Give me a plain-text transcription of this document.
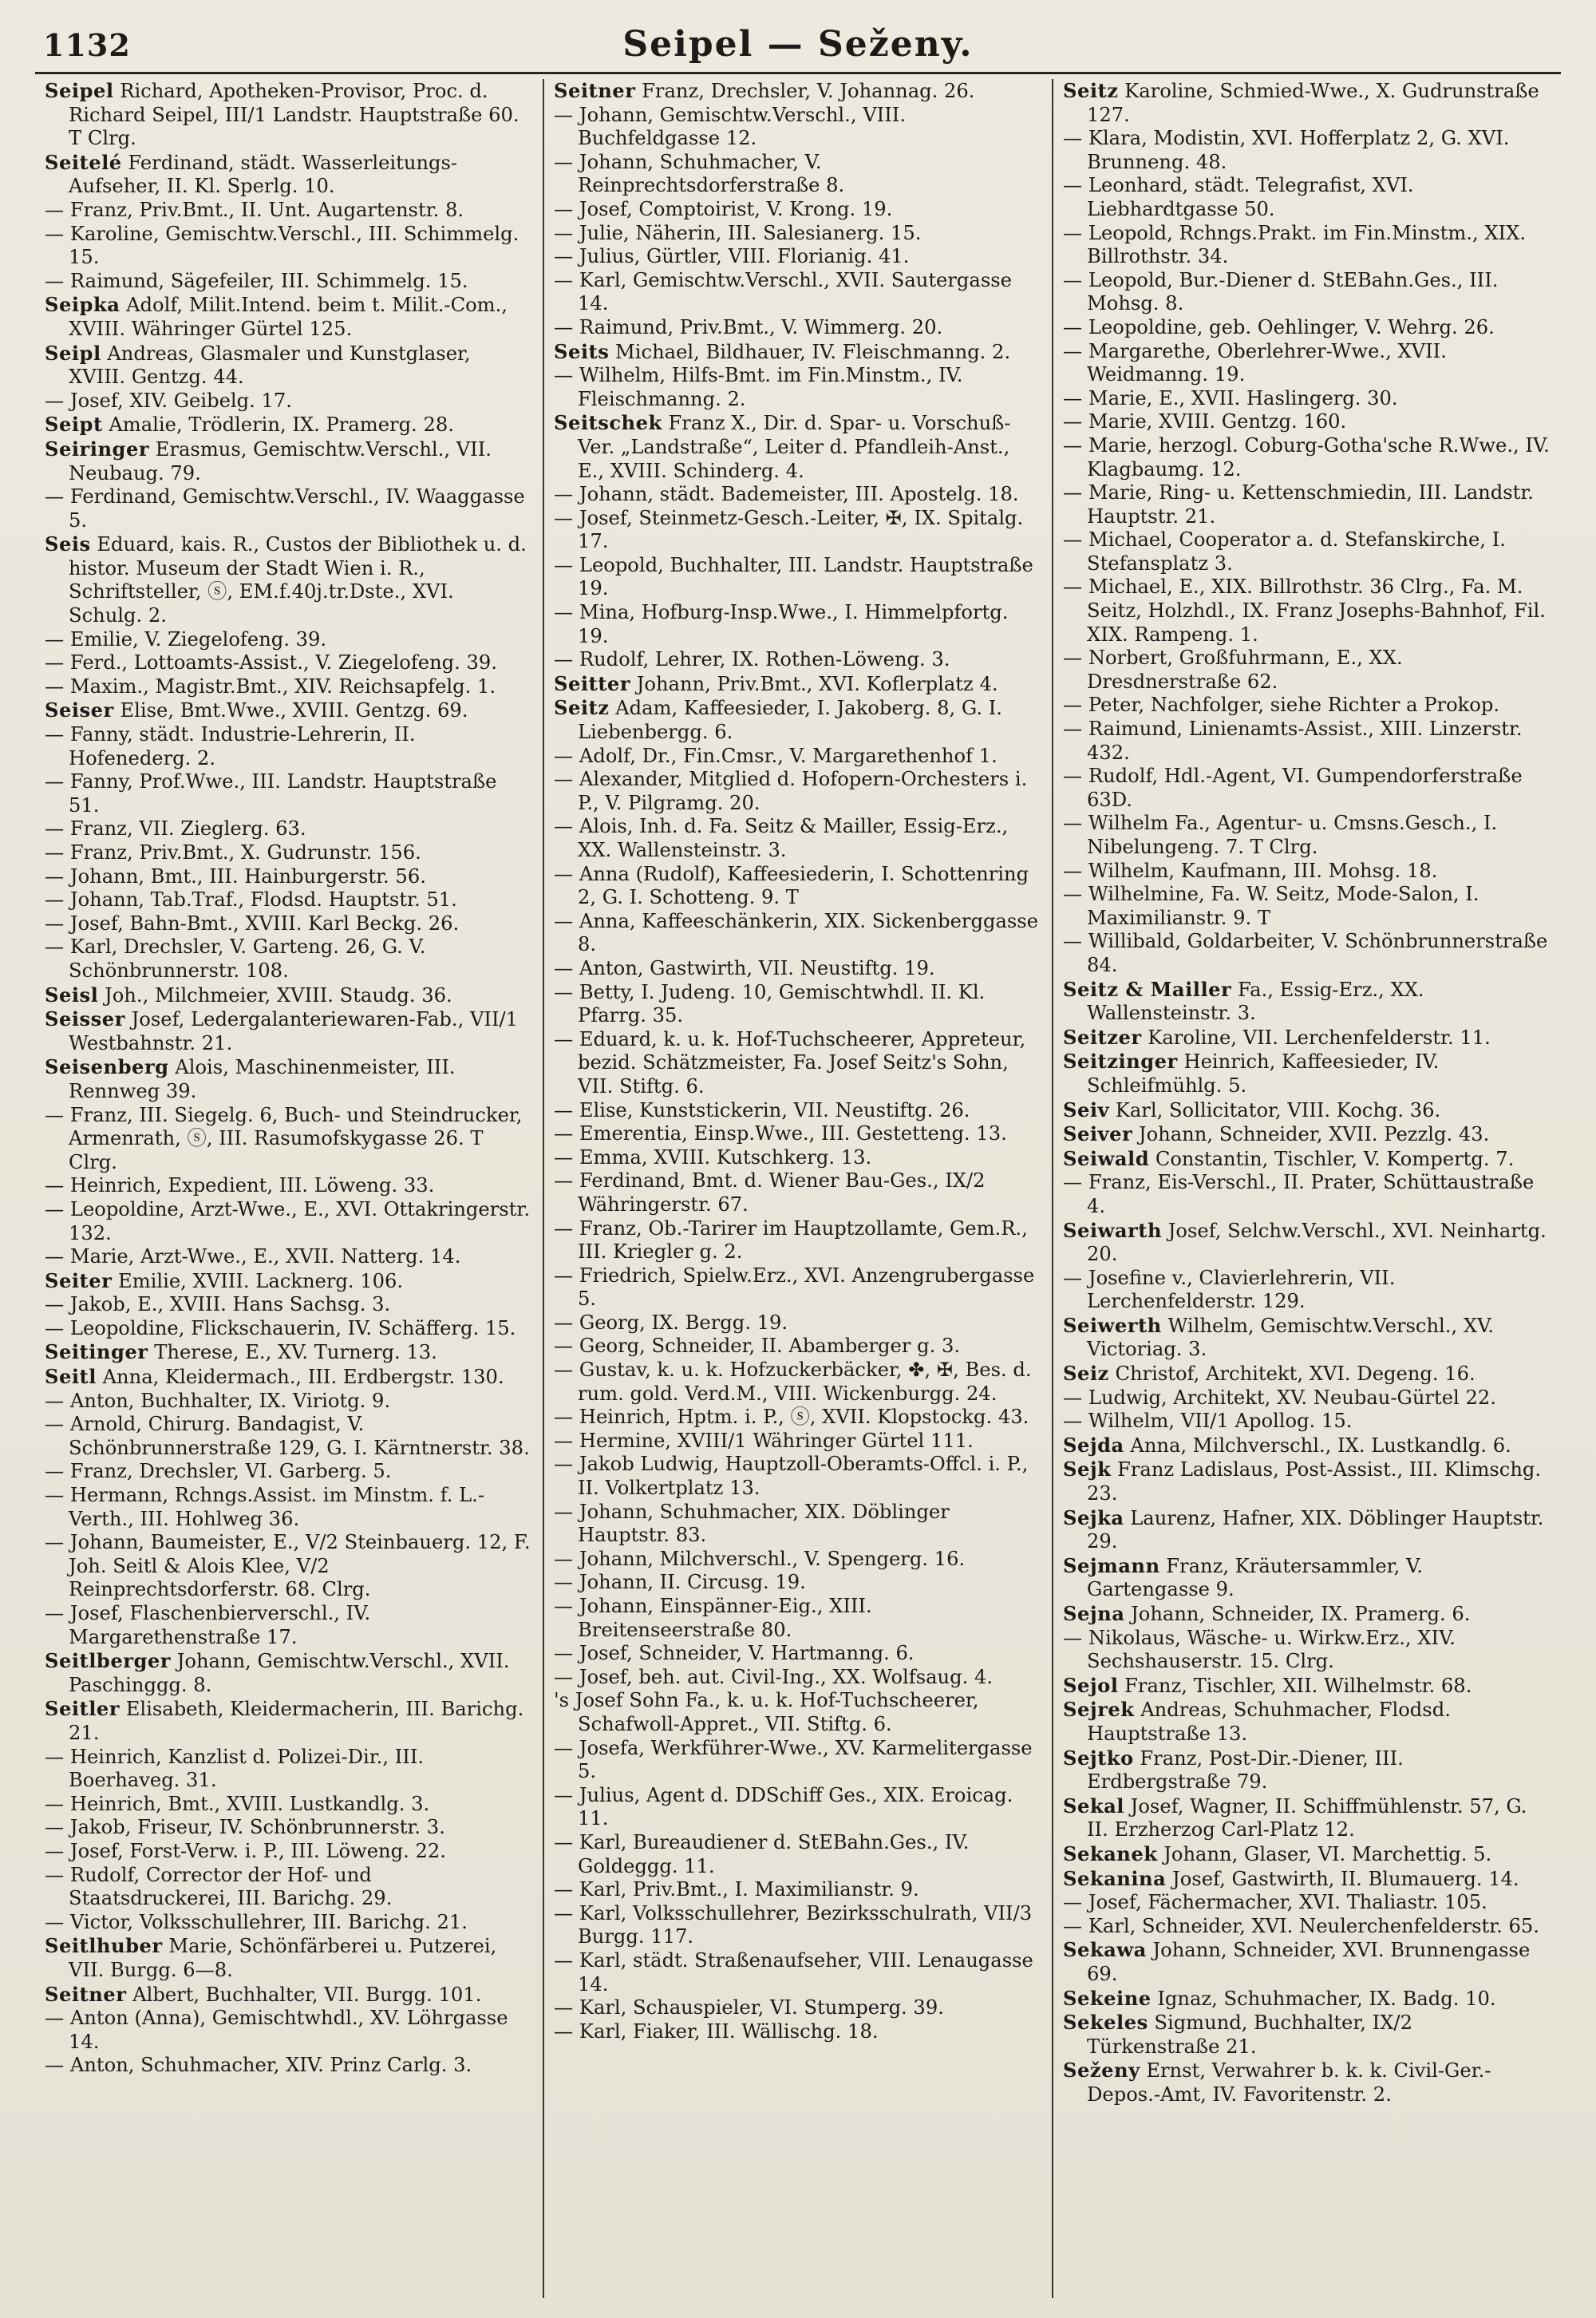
1132	Seipel — Seženy.
Seipel Richard, Apotheken-Provisor, Proc. d. Richard Seipel, III/1 Landstr. Hauptstraße 60. T Clrg.
Seitelé Ferdinand, städt. Wasserleitungs-Aufseher, II. Kl. Sperlg. 10.
— Franz, Priv.Bmt., II. Unt. Augartenstr. 8.
— Karoline, Gemischtw.Verschl., III. Schimmelg. 15.
— Raimund, Sägefeiler, III. Schimmelg. 15.
Seipka Adolf, Milit.Intend. beim t. Milit.-Com., XVIII. Währinger Gürtel 125.
Seipl Andreas, Glasmaler und Kunstglaser, XVIII. Gentzg. 44.
— Josef, XIV. Geibelg. 17.
Seipt Amalie, Trödlerin, IX. Pramerg. 28.
Seiringer Erasmus, Gemischtw.Verschl., VII. Neubaug. 79.
— Ferdinand, Gemischtw.Verschl., IV. Waaggasse 5.
Seis Eduard, kais. R., Custos der Bibliothek u. d. histor. Museum der Stadt Wien i. R., Schriftsteller, ⓢ, EM.f.40j.tr.Dste., XVI. Schulg. 2.
— Emilie, V. Ziegelofeng. 39.
— Ferd., Lottoamts-Assist., V. Ziegelofeng. 39.
— Maxim., Magistr.Bmt., XIV. Reichsapfelg. 1.
Seiser Elise, Bmt.Wwe., XVIII. Gentzg. 69.
— Fanny, städt. Industrie-Lehrerin, II. Hofenederg. 2.
— Fanny, Prof.Wwe., III. Landstr. Hauptstraße 51.
— Franz, VII. Zieglerg. 63.
— Franz, Priv.Bmt., X. Gudrunstr. 156.
— Johann, Bmt., III. Hainburgerstr. 56.
— Johann, Tab.Traf., Flodsd. Hauptstr. 51.
— Josef, Bahn-Bmt., XVIII. Karl Beckg. 26.
— Karl, Drechsler, V. Garteng. 26, G. V. Schönbrunnerstr. 108.
Seisl Joh., Milchmeier, XVIII. Staudg. 36.
Seisser Josef, Ledergalanteriewaren-Fab., VII/1 Westbahnstr. 21.
Seisenberg Alois, Maschinenmeister, III. Rennweg 39.
— Franz, III. Siegelg. 6, Buch- und Steindrucker, Armenrath, ⓢ, III. Rasumofskygasse 26. T Clrg.
— Heinrich, Expedient, III. Löweng. 33.
— Leopoldine, Arzt-Wwe., E., XVI. Ottakringerstr. 132.
— Marie, Arzt-Wwe., E., XVII. Natterg. 14.
Seiter Emilie, XVIII. Lacknerg. 106.
— Jakob, E., XVIII. Hans Sachsg. 3.
— Leopoldine, Flickschauerin, IV. Schäfferg. 15.
Seitinger Therese, E., XV. Turnerg. 13.
Seitl Anna, Kleidermach., III. Erdbergstr. 130.
— Anton, Buchhalter, IX. Viriotg. 9.
— Arnold, Chirurg. Bandagist, V. Schönbrunnerstraße 129, G. I. Kärntnerstr. 38.
— Franz, Drechsler, VI. Garberg. 5.
— Hermann, Rchngs.Assist. im Minstm. f. L.-Verth., III. Hohlweg 36.
— Johann, Baumeister, E., V/2 Steinbauerg. 12, F. Joh. Seitl & Alois Klee, V/2 Reinprechtsdorferstr. 68. Clrg.
— Josef, Flaschenbierverschl., IV. Margarethenstraße 17.
Seitlberger Johann, Gemischtw.Verschl., XVII. Paschinggg. 8.
Seitler Elisabeth, Kleidermacherin, III. Barichg. 21.
— Heinrich, Kanzlist d. Polizei-Dir., III. Boerhaveg. 31.
— Heinrich, Bmt., XVIII. Lustkandlg. 3.
— Jakob, Friseur, IV. Schönbrunnerstr. 3.
— Josef, Forst-Verw. i. P., III. Löweng. 22.
— Rudolf, Corrector der Hof- und Staatsdruckerei, III. Barichg. 29.
— Victor, Volksschullehrer, III. Barichg. 21.
Seitlhuber Marie, Schönfärberei u. Putzerei, VII. Burgg. 6—8.
Seitner Albert, Buchhalter, VII. Burgg. 101.
— Anton (Anna), Gemischtwhdl., XV. Löhrgasse 14.
— Anton, Schuhmacher, XIV. Prinz Carlg. 3.
Seitner Franz, Drechsler, V. Johannag. 26.
— Johann, Gemischtw.Verschl., VIII. Buchfeldgasse 12.
— Johann, Schuhmacher, V. Reinprechtsdorferstraße 8.
— Josef, Comptoirist, V. Krong. 19.
— Julie, Näherin, III. Salesianerg. 15.
— Julius, Gürtler, VIII. Florianig. 41.
— Karl, Gemischtw.Verschl., XVII. Sautergasse 14.
— Raimund, Priv.Bmt., V. Wimmerg. 20.
Seits Michael, Bildhauer, IV. Fleischmanng. 2.
— Wilhelm, Hilfs-Bmt. im Fin.Minstm., IV. Fleischmanng. 2.
Seitschek Franz X., Dir. d. Spar- u. Vorschuß-Ver. „Landstraße“, Leiter d. Pfandleih-Anst., E., XVIII. Schinderg. 4.
— Johann, städt. Bademeister, III. Apostelg. 18.
— Josef, Steinmetz-Gesch.-Leiter, ✠, IX. Spitalg. 17.
— Leopold, Buchhalter, III. Landstr. Hauptstraße 19.
— Mina, Hofburg-Insp.Wwe., I. Himmelpfortg. 19.
— Rudolf, Lehrer, IX. Rothen-Löweng. 3.
Seitter Johann, Priv.Bmt., XVI. Koflerplatz 4.
Seitz Adam, Kaffeesieder, I. Jakoberg. 8, G. I. Liebenbergg. 6.
— Adolf, Dr., Fin.Cmsr., V. Margarethenhof 1.
— Alexander, Mitglied d. Hofopern-Orchesters i. P., V. Pilgramg. 20.
— Alois, Inh. d. Fa. Seitz & Mailler, Essig-Erz., XX. Wallensteinstr. 3.
— Anna (Rudolf), Kaffeesiederin, I. Schottenring 2, G. I. Schotteng. 9. T
— Anna, Kaffeeschänkerin, XIX. Sickenberggasse 8.
— Anton, Gastwirth, VII. Neustiftg. 19.
— Betty, I. Judeng. 10, Gemischtwhdl. II. Kl. Pfarrg. 35.
— Eduard, k. u. k. Hof-Tuchscheerer, Appreteur, bezid. Schätzmeister, Fa. Josef Seitz's Sohn, VII. Stiftg. 6.
— Elise, Kunststickerin, VII. Neustiftg. 26.
— Emerentia, Einsp.Wwe., III. Gestetteng. 13.
— Emma, XVIII. Kutschkerg. 13.
— Ferdinand, Bmt. d. Wiener Bau-Ges., IX/2 Währingerstr. 67.
— Franz, Ob.-Tarirer im Hauptzollamte, Gem.R., III. Kriegler g. 2.
— Friedrich, Spielw.Erz., XVI. Anzengrubergasse 5.
— Georg, IX. Bergg. 19.
— Georg, Schneider, II. Abamberger g. 3.
— Gustav, k. u. k. Hofzuckerbäcker, ✤, ✠, Bes. d. rum. gold. Verd.M., VIII. Wickenburgg. 24.
— Heinrich, Hptm. i. P., ⓢ, XVII. Klopstockg. 43.
— Hermine, XVIII/1 Währinger Gürtel 111.
— Jakob Ludwig, Hauptzoll-Oberamts-Offcl. i. P., II. Volkertplatz 13.
— Johann, Schuhmacher, XIX. Döblinger Hauptstr. 83.
— Johann, Milchverschl., V. Spengerg. 16.
— Johann, II. Circusg. 19.
— Johann, Einspänner-Eig., XIII. Breitenseerstraße 80.
— Josef, Schneider, V. Hartmanng. 6.
— Josef, beh. aut. Civil-Ing., XX. Wolfsaug. 4.
's Josef Sohn Fa., k. u. k. Hof-Tuchscheerer, Schafwoll-Appret., VII. Stiftg. 6.
— Josefa, Werkführer-Wwe., XV. Karmelitergasse 5.
— Julius, Agent d. DDSchiff Ges., XIX. Eroicag. 11.
— Karl, Bureaudiener d. StEBahn.Ges., IV. Goldeggg. 11.
— Karl, Priv.Bmt., I. Maximilianstr. 9.
— Karl, Volksschullehrer, Bezirksschulrath, VII/3 Burgg. 117.
— Karl, städt. Straßenaufseher, VIII. Lenaugasse 14.
— Karl, Schauspieler, VI. Stumperg. 39.
— Karl, Fiaker, III. Wällischg. 18.
Seitz Karoline, Schmied-Wwe., X. Gudrunstraße 127.
— Klara, Modistin, XVI. Hofferplatz 2, G. XVI. Brunneng. 48.
— Leonhard, städt. Telegrafist, XVI. Liebhardtgasse 50.
— Leopold, Rchngs.Prakt. im Fin.Minstm., XIX. Billrothstr. 34.
— Leopold, Bur.-Diener d. StEBahn.Ges., III. Mohsg. 8.
— Leopoldine, geb. Oehlinger, V. Wehrg. 26.
— Margarethe, Oberlehrer-Wwe., XVII. Weidmanng. 19.
— Marie, E., XVII. Haslingerg. 30.
— Marie, XVIII. Gentzg. 160.
— Marie, herzogl. Coburg-Gotha'sche R.Wwe., IV. Klagbaumg. 12.
— Marie, Ring- u. Kettenschmiedin, III. Landstr. Hauptstr. 21.
— Michael, Cooperator a. d. Stefanskirche, I. Stefansplatz 3.
— Michael, E., XIX. Billrothstr. 36 Clrg., Fa. M. Seitz, Holzhdl., IX. Franz Josephs-Bahnhof, Fil. XIX. Rampeng. 1.
— Norbert, Großfuhrmann, E., XX. Dresdnerstraße 62.
— Peter, Nachfolger, siehe Richter a Prokop.
— Raimund, Linienamts-Assist., XIII. Linzerstr. 432.
— Rudolf, Hdl.-Agent, VI. Gumpendorferstraße 63D.
— Wilhelm Fa., Agentur- u. Cmsns.Gesch., I. Nibelungeng. 7. T Clrg.
— Wilhelm, Kaufmann, III. Mohsg. 18.
— Wilhelmine, Fa. W. Seitz, Mode-Salon, I. Maximilianstr. 9. T
— Willibald, Goldarbeiter, V. Schönbrunnerstraße 84.
Seitz & Mailler Fa., Essig-Erz., XX. Wallensteinstr. 3.
Seitzer Karoline, VII. Lerchenfelderstr. 11.
Seitzinger Heinrich, Kaffeesieder, IV. Schleifmühlg. 5.
Seiv Karl, Sollicitator, VIII. Kochg. 36.
Seiver Johann, Schneider, XVII. Pezzlg. 43.
Seiwald Constantin, Tischler, V. Kompertg. 7.
— Franz, Eis-Verschl., II. Prater, Schüttaustraße 4.
Seiwarth Josef, Selchw.Verschl., XVI. Neinhartg. 20.
— Josefine v., Clavierlehrerin, VII. Lerchenfelderstr. 129.
Seiwerth Wilhelm, Gemischtw.Verschl., XV. Victoriag. 3.
Seiz Christof, Architekt, XVI. Degeng. 16.
— Ludwig, Architekt, XV. Neubau-Gürtel 22.
— Wilhelm, VII/1 Apollog. 15.
Sejda Anna, Milchverschl., IX. Lustkandlg. 6.
Sejk Franz Ladislaus, Post-Assist., III. Klimschg. 23.
Sejka Laurenz, Hafner, XIX. Döblinger Hauptstr. 29.
Sejmann Franz, Kräutersammler, V. Gartengasse 9.
Sejna Johann, Schneider, IX. Pramerg. 6.
— Nikolaus, Wäsche- u. Wirkw.Erz., XIV. Sechshauserstr. 15. Clrg.
Sejol Franz, Tischler, XII. Wilhelmstr. 68.
Sejrek Andreas, Schuhmacher, Flodsd. Hauptstraße 13.
Sejtko Franz, Post-Dir.-Diener, III. Erdbergstraße 79.
Sekal Josef, Wagner, II. Schiffmühlenstr. 57, G. II. Erzherzog Carl-Platz 12.
Sekanek Johann, Glaser, VI. Marchettig. 5.
Sekanina Josef, Gastwirth, II. Blumauerg. 14.
— Josef, Fächermacher, XVI. Thaliastr. 105.
— Karl, Schneider, XVI. Neulerchenfelderstr. 65.
Sekawa Johann, Schneider, XVI. Brunnengasse 69.
Sekeine Ignaz, Schuhmacher, IX. Badg. 10.
Sekeles Sigmund, Buchhalter, IX/2 Türkenstraße 21.
Seženy Ernst, Verwahrer b. k. k. Civil-Ger.-Depos.-Amt, IV. Favoritenstr. 2.
